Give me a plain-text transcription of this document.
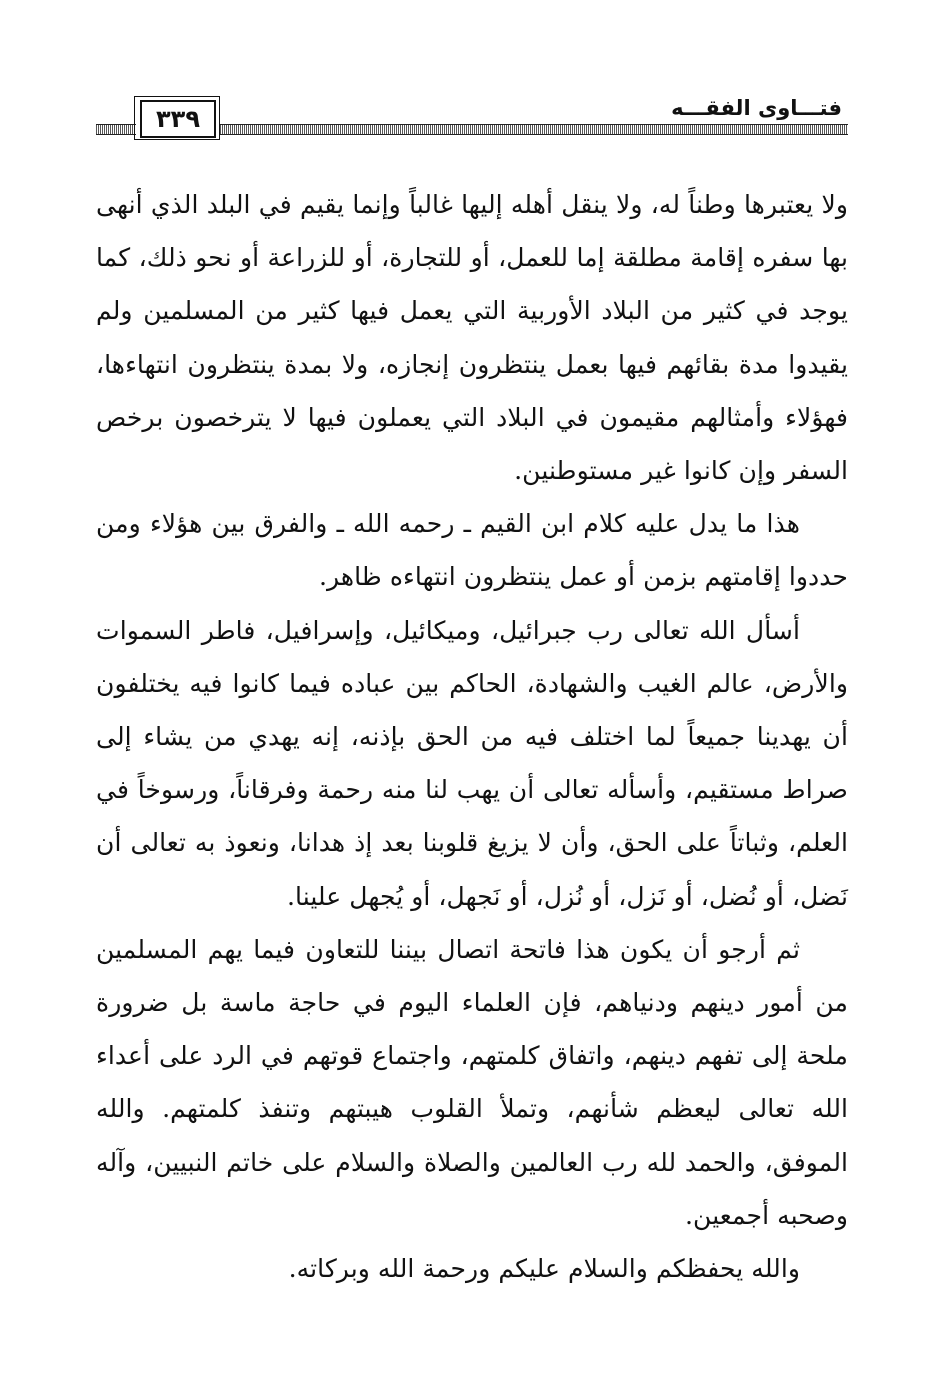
فتـــاوى الفقـــه
٣٣٩

ولا يعتبرها وطناً له، ولا ينقل أهله إليها غالباً وإنما يقيم في البلد الذي أنهى بها سفره إقامة مطلقة إما للعمل، أو للتجارة، أو للزراعة أو نحو ذلك، كما يوجد في كثير من البلاد الأوربية التي يعمل فيها كثير من المسلمين ولم يقيدوا مدة بقائهم فيها بعمل ينتظرون إنجازه، ولا بمدة ينتظرون انتهاءها، فهؤلاء وأمثالهم مقيمون في البلاد التي يعملون فيها لا يترخصون برخص السفر وإن كانوا غير مستوطنين.

هذا ما يدل عليه كلام ابن القيم ـ رحمه الله ـ والفرق بين هؤلاء ومن حددوا إقامتهم بزمن أو عمل ينتظرون انتهاءه ظاهر.

أسأل الله تعالى رب جبرائيل، وميكائيل، وإسرافيل، فاطر السموات والأرض، عالم الغيب والشهادة، الحاكم بين عباده فيما كانوا فيه يختلفون أن يهدينا جميعاً لما اختلف فيه من الحق بإذنه، إنه يهدي من يشاء إلى صراط مستقيم، وأسأله تعالى أن يهب لنا منه رحمة وفرقاناً، ورسوخاً في العلم، وثباتاً على الحق، وأن لا يزيغ قلوبنا بعد إذ هدانا، ونعوذ به تعالى أن نَضل، أو نُضل، أو نَزل، أو نُزل، أو نَجهل، أو يُجهل علينا.

ثم أرجو أن يكون هذا فاتحة اتصال بيننا للتعاون فيما يهم المسلمين من أمور دينهم ودنياهم، فإن العلماء اليوم في حاجة ماسة بل ضرورة ملحة إلى تفهم دينهم، واتفاق كلمتهم، واجتماع قوتهم في الرد على أعداء الله تعالى ليعظم شأنهم، وتملأ القلوب هيبتهم وتنفذ كلمتهم. والله الموفق، والحمد لله رب العالمين والصلاة والسلام على خاتم النبيين، وآله وصحبه أجمعين.

والله يحفظكم والسلام عليكم ورحمة الله وبركاته.
